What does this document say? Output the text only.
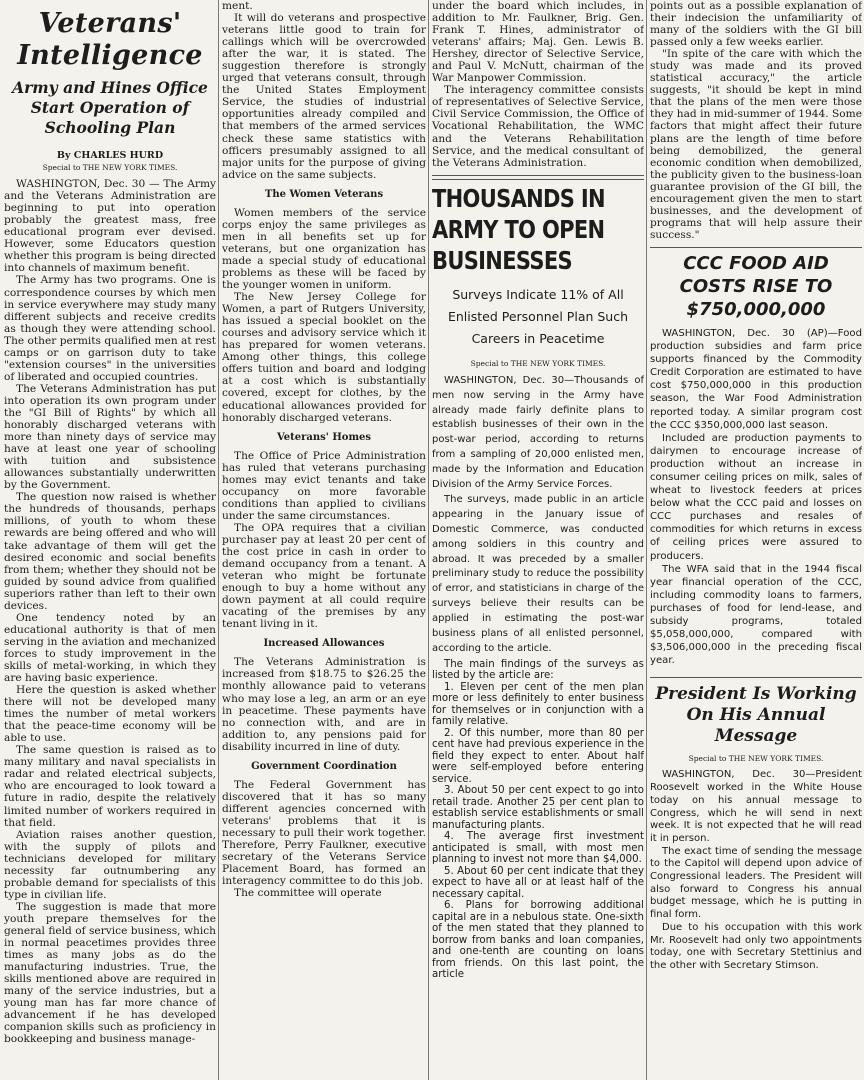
Veterans' Intelligence
Army and Hines Office Start Operation of Schooling Plan
By CHARLES HURD
Special to THE NEW YORK TIMES.

WASHINGTON, Dec. 30 — The Army and the Veterans Administration are beginning to put into operation probably the greatest mass, free educational program ever devised. However, some Educators question whether this program is being directed into channels of maximum benefit.

The Army has two programs. One is correspondence courses by which men in service everywhere may study many different subjects and receive credits as though they were attending school. The other permits qualified men at rest camps or on garrison duty to take "extension courses" in the universities of liberated and occupied countries.

The Veterans Administration has put into operation its own program under the "GI Bill of Rights" by which all honorably discharged veterans with more than ninety days of service may have at least one year of schooling with tuition and subsistence allowances substantially underwritten by the Government.

The question now raised is whether the hundreds of thousands, perhaps millions, of youth to whom these rewards are being offered and who will take advantage of them will get the desired economic and social benefits from them; whether they should not be guided by sound advice from qualified superiors rather than left to their own devices.

One tendency noted by an educational authority is that of men serving in the aviation and mechanized forces to study improvement in the skills of metal-working, in which they are having basic experience.

Here the question is asked whether there will not be developed many times the number of metal workers that the peace-time economy will be able to use.

The same question is raised as to many military and naval specialists in radar and related electrical subjects, who are encouraged to look toward a future in radio, despite the relatively limited number of workers required in that field.

Aviation raises another question, with the supply of pilots and technicians developed for military necessity far outnumbering any probable demand for specialists of this type in civilian life.

The suggestion is made that more youth prepare themselves for the general field of service business, which in normal peacetimes provides three times as many jobs as do the manufacturing industries. True, the skills mentioned above are required in many of the service industries, but a young man has far more chance of advancement if he has developed companion skills such as proficiency in bookkeeping and business manage-

ment.

It will do veterans and prospective veterans little good to train for callings which will be overcrowded after the war, it is stated. The suggestion therefore is strongly urged that veterans consult, through the United States Employment Service, the studies of industrial opportunities already compiled and that members of the armed services check these same statistics with officers presumably assigned to all major units for the purpose of giving advice on the same subjects.

The Women Veterans

Women members of the service corps enjoy the same privileges as men in all benefits set up for veterans, but one organization has made a special study of educational problems as these will be faced by the younger women in uniform.

The New Jersey College for Women, a part of Rutgers University, has issued a special booklet on the courses and advisory service which it has prepared for women veterans. Among other things, this college offers tuition and board and lodging at a cost which is substantially covered, except for clothes, by the educational allowances provided for honorably discharged veterans.

Veterans' Homes

The Office of Price Administration has ruled that veterans purchasing homes may evict tenants and take occupancy on more favorable conditions than applied to civilians under the same circumstances.

The OPA requires that a civilian purchaser pay at least 20 per cent of the cost price in cash in order to demand occupancy from a tenant. A veteran who might be fortunate enough to buy a home without any down payment at all could require vacating of the premises by any tenant living in it.

Increased Allowances

The Veterans Administration is increased from $18.75 to $26.25 the monthly allowance paid to veterans who may lose a leg, an arm or an eye in peacetime. These payments have no connection with, and are in addition to, any pensions paid for disability incurred in line of duty.

Government Coordination

The Federal Government has discovered that it has so many different agencies concerned with veterans' problems that it is necessary to pull their work together. Therefore, Perry Faulkner, executive secretary of the Veterans Service Placement Board, has formed an interagency committee to do this job.

The committee will operate

under the board which includes, in addition to Mr. Faulkner, Brig. Gen. Frank T. Hines, administrator of veterans' affairs; Maj. Gen. Lewis B. Hershey, director of Selective Service, and Paul V. McNutt, chairman of the War Manpower Commission.

The interagency committee consists of representatives of Selective Service, Civil Service Commission, the Office of Vocational Rehabilitation, the WMC and the Veterans Rehabilitation Service, and the medical consultant of the Veterans Administration.

THOUSANDS IN ARMY TO OPEN BUSINESSES
Surveys Indicate 11% of All Enlisted Personnel Plan Such Careers in Peacetime
Special to THE NEW YORK TIMES.

WASHINGTON, Dec. 30—Thousands of men now serving in the Army have already made fairly definite plans to establish businesses of their own in the post-war period, according to returns from a sampling of 20,000 enlisted men, made by the Information and Education Division of the Army Service Forces.

The surveys, made public in an article appearing in the January issue of Domestic Commerce, was conducted among soldiers in this country and abroad. It was preceded by a smaller preliminary study to reduce the possibility of error, and statisticians in charge of the surveys believe their results can be applied in estimating the post-war business plans of all enlisted personnel, according to the article.

The main findings of the surveys as listed by the article are:

1. Eleven per cent of the men plan more or less definitely to enter business for themselves or in conjunction with a family relative.

2. Of this number, more than 80 per cent have had previous experience in the field they expect to enter. About half were self-employed before entering service.

3. About 50 per cent expect to go into retail trade. Another 25 per cent plan to establish service establishments or small manufacturing plants.

4. The average first investment anticipated is small, with most men planning to invest not more than $4,000.

5. About 60 per cent indicate that they expect to have all or at least half of the necessary capital.

6. Plans for borrowing additional capital are in a nebulous state. One-sixth of the men stated that they planned to borrow from banks and loan companies, and one-tenth are counting on loans from friends. On this last point, the article

points out as a possible explanation of their indecision the unfamiliarity of many of the soldiers with the GI bill passed only a few weeks earlier.

"In spite of the care with which the study was made and its proved statistical accuracy," the article suggests, "it should be kept in mind that the plans of the men were those they had in mid-summer of 1944. Some factors that might affect their future plans are the length of time before being demobilized, the general economic condition when demobilized, the publicity given to the business-loan guarantee provision of the GI bill, the encouragement given the men to start businesses, and the development of programs that will help assure their success."

CCC FOOD AID COSTS RISE TO $750,000,000

WASHINGTON, Dec. 30 (AP)—Food production subsidies and farm price supports financed by the Commodity Credit Corporation are estimated to have cost $750,000,000 in this production season, the War Food Administration reported today. A similar program cost the CCC $350,000,000 last season.

Included are production payments to dairymen to encourage increase of production without an increase in consumer ceiling prices on milk, sales of wheat to livestock feeders at prices below what the CCC paid and losses on CCC purchases and resales of commodities for which returns in excess of ceiling prices were assured to producers.

The WFA said that in the 1944 fiscal year financial operation of the CCC, including commodity loans to farmers, purchases of food for lend-lease, and subsidy programs, totaled $5,058,000,000, compared with $3,506,000,000 in the preceding fiscal year.

President Is Working On His Annual Message
Special to THE NEW YORK TIMES.

WASHINGTON, Dec. 30—President Roosevelt worked in the White House today on his annual message to Congress, which he will send in next week. It is not expected that he will read it in person.

The exact time of sending the message to the Capitol will depend upon advice of Congressional leaders. The President will also forward to Congress his annual budget message, which he is putting in final form.

Due to his occupation with this work Mr. Roosevelt had only two appointments today, one with Secretary Stettinius and the other with Secretary Stimson.
